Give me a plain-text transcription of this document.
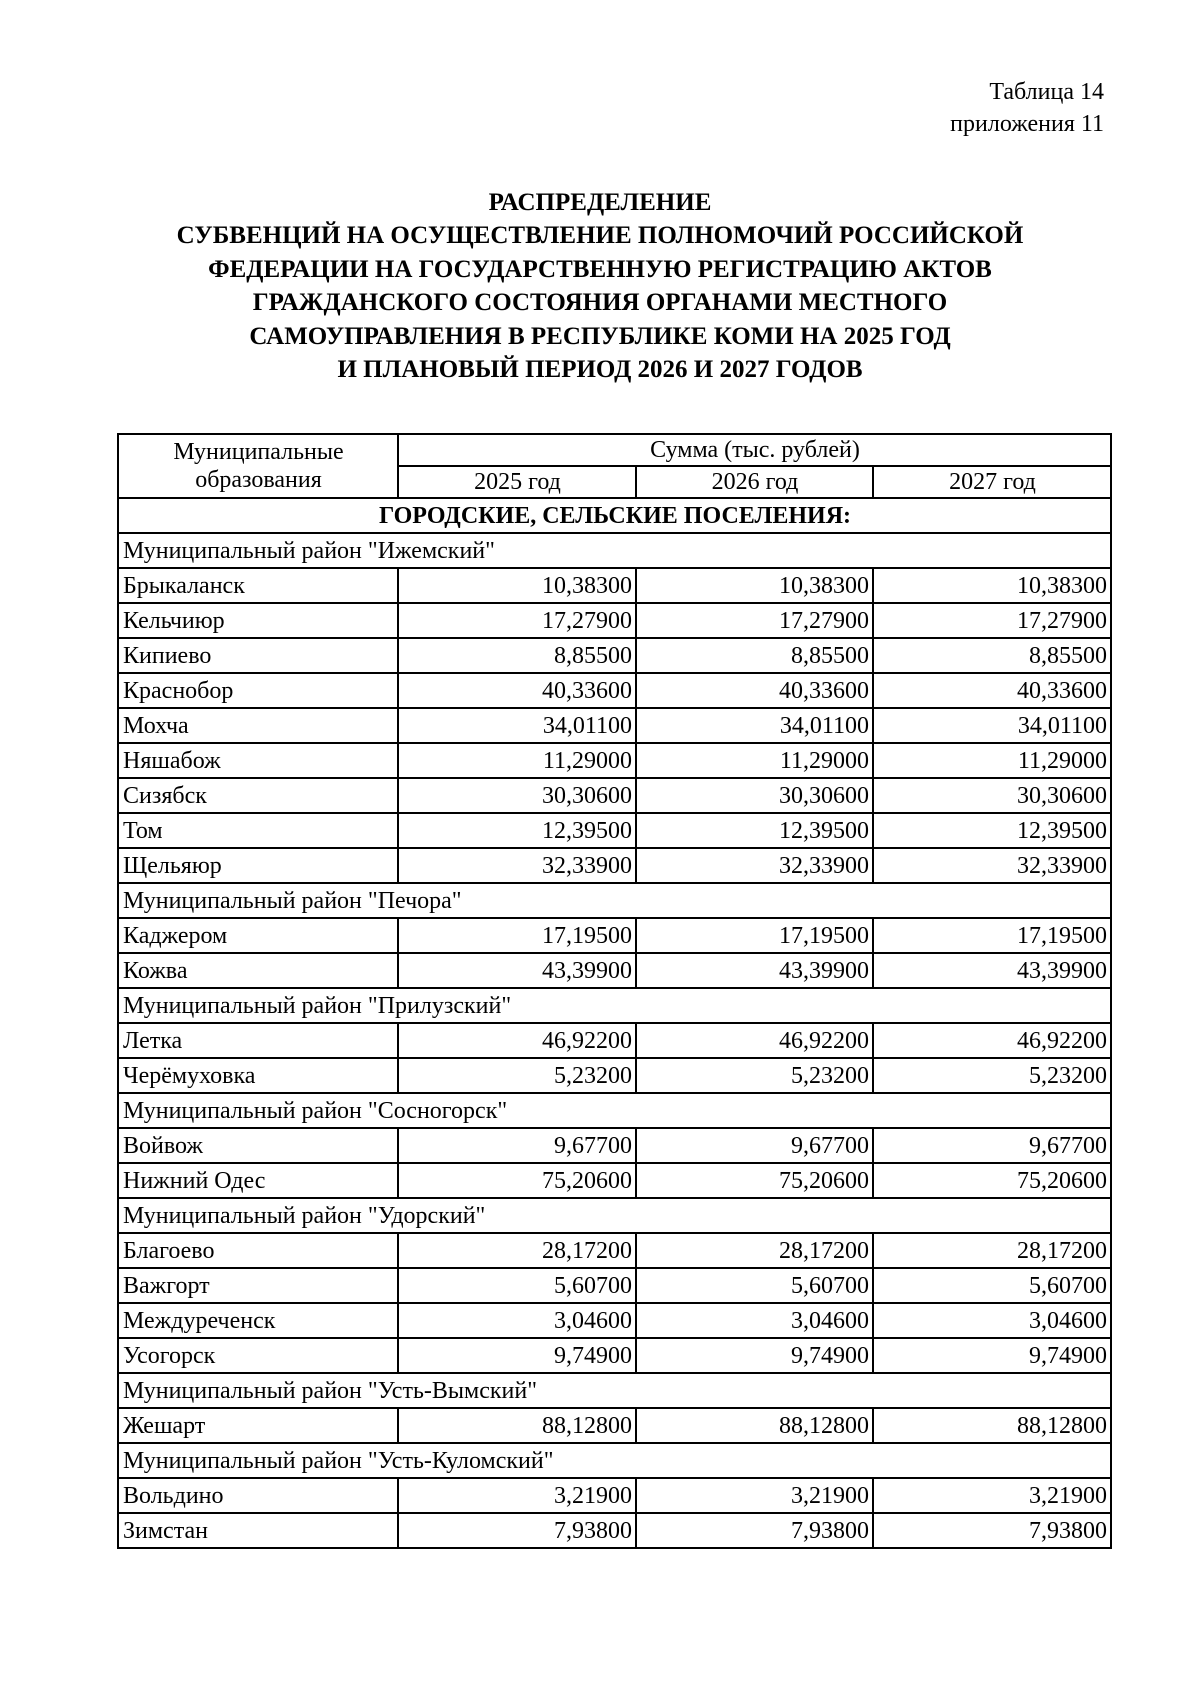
Таблица 14
приложения 11
РАСПРЕДЕЛЕНИЕ
СУБВЕНЦИЙ НА ОСУЩЕСТВЛЕНИЕ ПОЛНОМОЧИЙ РОССИЙСКОЙ
ФЕДЕРАЦИИ НА ГОСУДАРСТВЕННУЮ РЕГИСТРАЦИЮ АКТОВ
ГРАЖДАНСКОГО СОСТОЯНИЯ ОРГАНАМИ МЕСТНОГО
САМОУПРАВЛЕНИЯ В РЕСПУБЛИКЕ КОМИ НА 2025 ГОД
И ПЛАНОВЫЙ ПЕРИОД 2026 И 2027 ГОДОВ
Муниципальные
образования	Сумма (тыс. рублей)		
	2025 год	2026 год	2027 год
ГОРОДСКИЕ, СЕЛЬСКИЕ ПОСЕЛЕНИЯ:			
Муниципальный район "Ижемский"			
Брыкаланск	10,38300	10,38300	10,38300
Кельчиюр	17,27900	17,27900	17,27900
Кипиево	8,85500	8,85500	8,85500
Краснобор	40,33600	40,33600	40,33600
Мохча	34,01100	34,01100	34,01100
Няшабож	11,29000	11,29000	11,29000
Сизябск	30,30600	30,30600	30,30600
Том	12,39500	12,39500	12,39500
Щельяюр	32,33900	32,33900	32,33900
Муниципальный район "Печора"			
Каджером	17,19500	17,19500	17,19500
Кожва	43,39900	43,39900	43,39900
Муниципальный район "Прилузский"			
Летка	46,92200	46,92200	46,92200
Черёмуховка	5,23200	5,23200	5,23200
Муниципальный район "Сосногорск"			
Войвож	9,67700	9,67700	9,67700
Нижний Одес	75,20600	75,20600	75,20600
Муниципальный район "Удорский"			
Благоево	28,17200	28,17200	28,17200
Важгорт	5,60700	5,60700	5,60700
Междуреченск	3,04600	3,04600	3,04600
Усогорск	9,74900	9,74900	9,74900
Муниципальный район "Усть-Вымский"			
Жешарт	88,12800	88,12800	88,12800
Муниципальный район "Усть-Куломский"			
Вольдино	3,21900	3,21900	3,21900
Зимстан	7,93800	7,93800	7,93800
